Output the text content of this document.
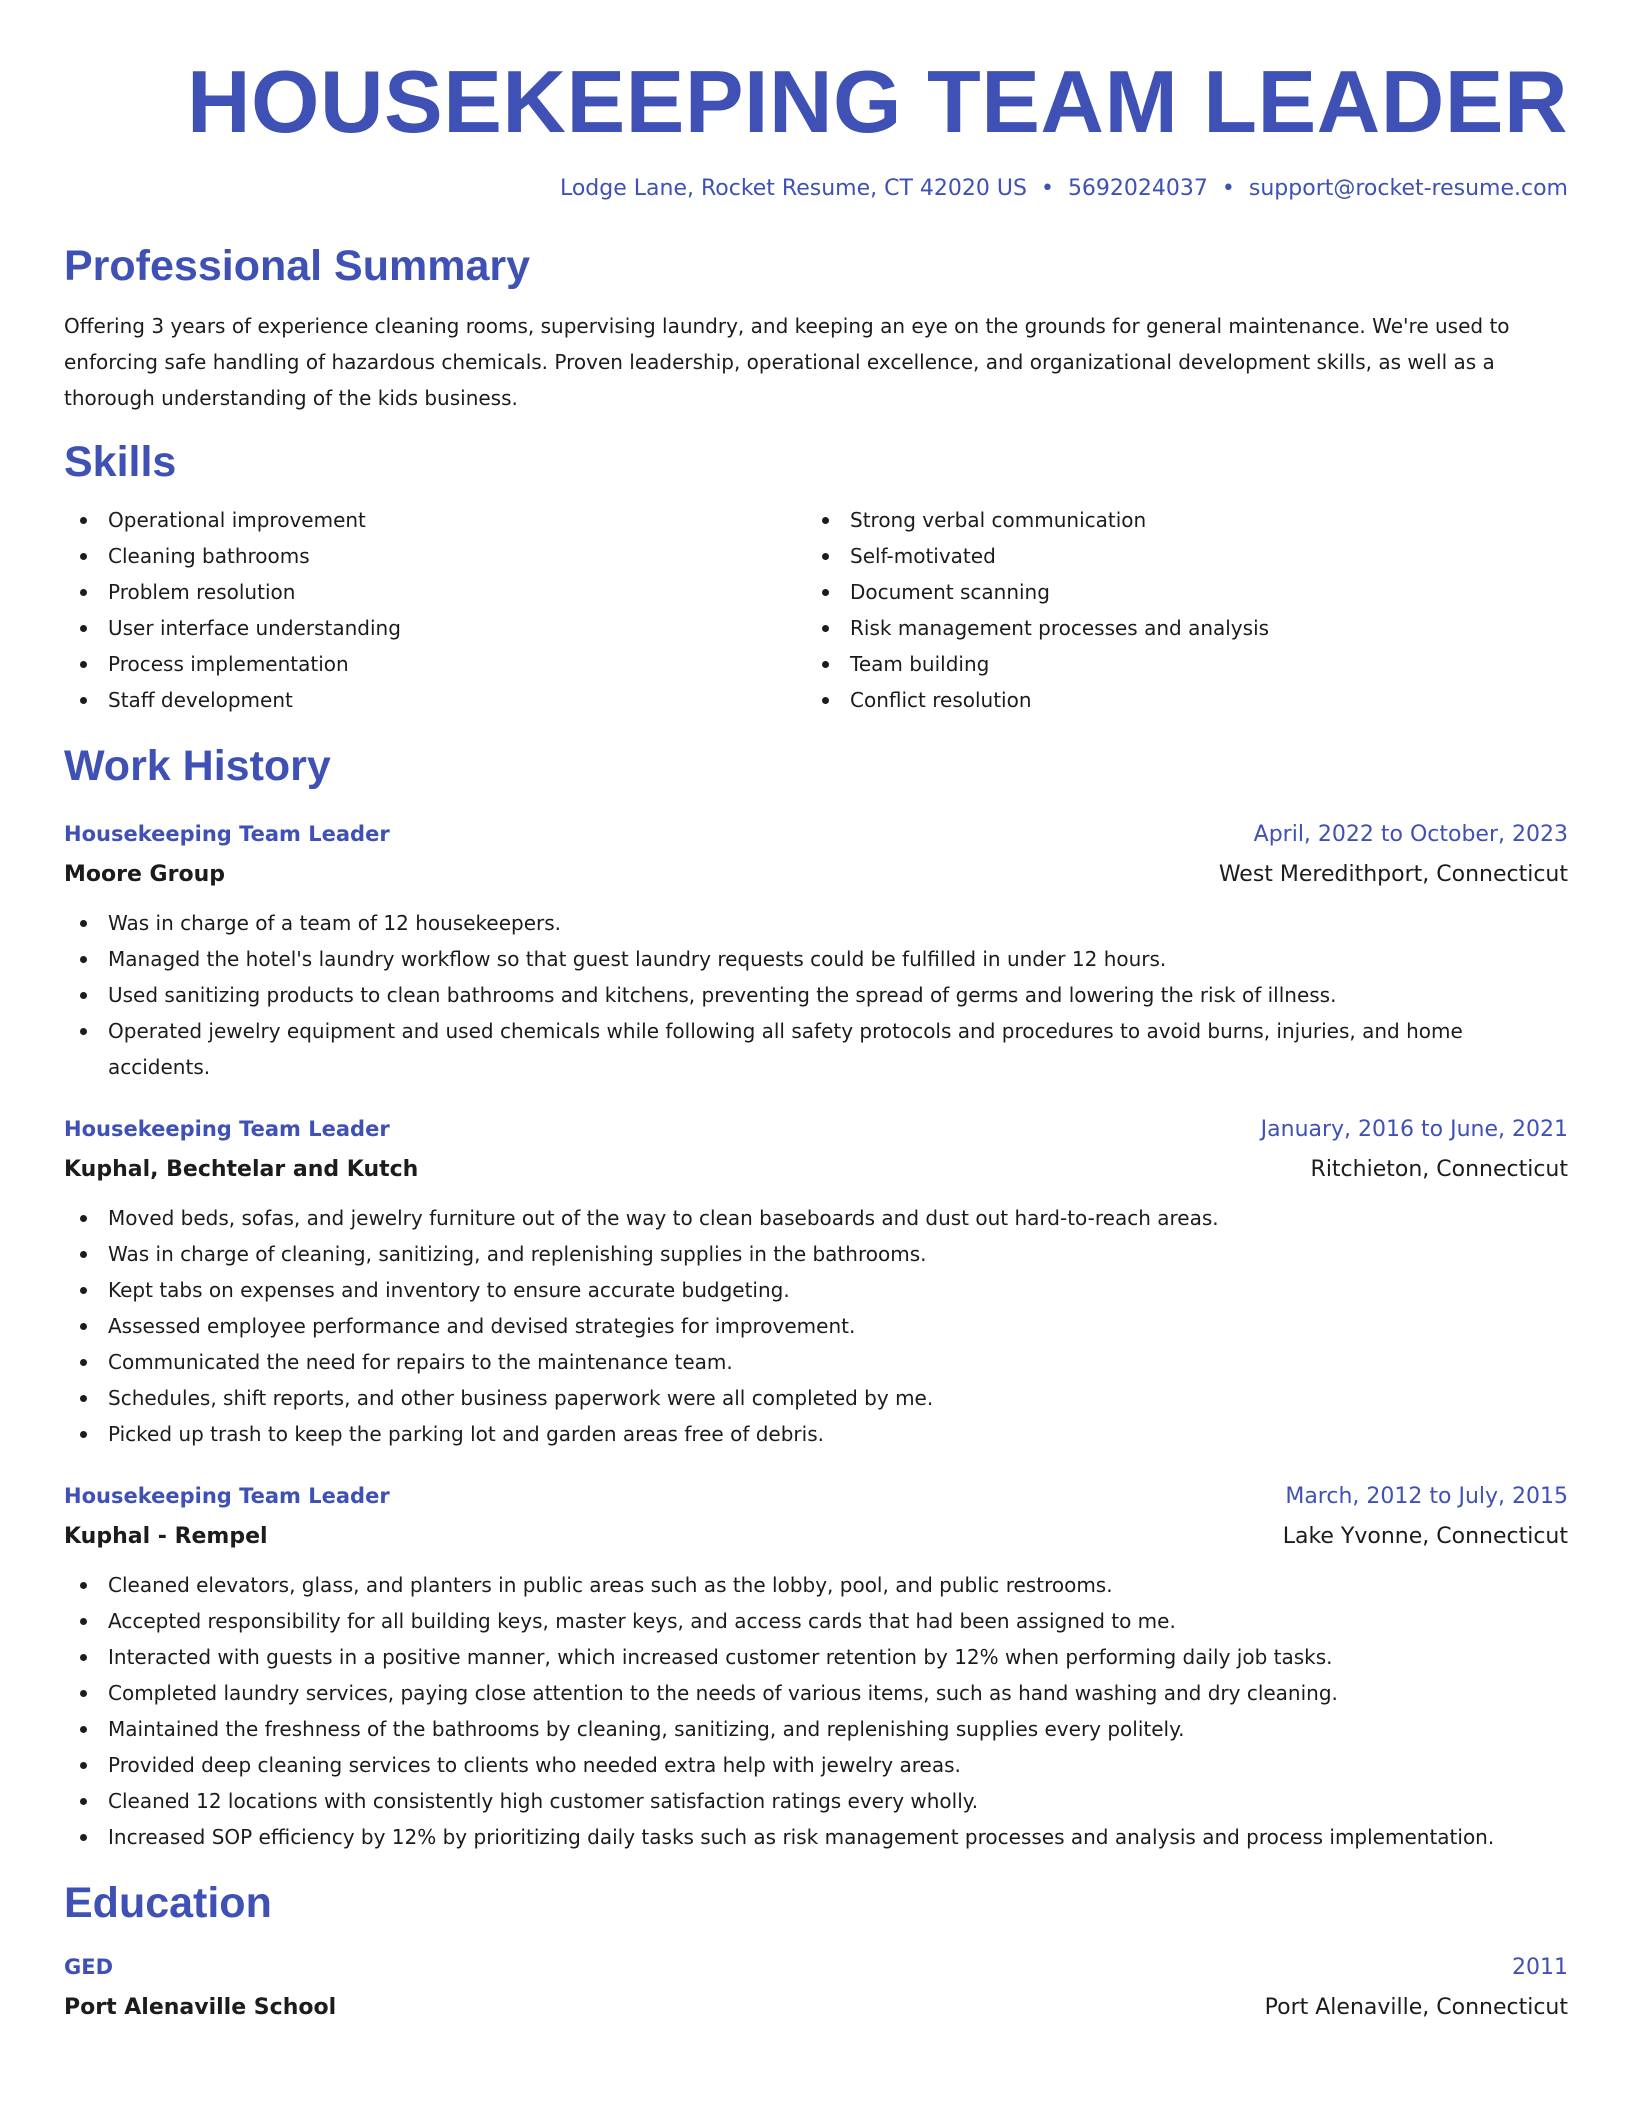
HOUSEKEEPING TEAM LEADER
Lodge Lane, Rocket Resume, CT 42020 US • 5692024037 • support@rocket-resume.com
Professional Summary

Offering 3 years of experience cleaning rooms, supervising laundry, and keeping an eye on the grounds for general maintenance. We're used to enforcing safe handling of hazardous chemicals. Proven leadership, operational excellence, and organizational development skills, as well as a thorough understanding of the kids business.

Skills
Operational improvement
Cleaning bathrooms
Problem resolution
User interface understanding
Process implementation
Staff development
Strong verbal communication
Self-motivated
Document scanning
Risk management processes and analysis
Team building
Conflict resolution
Work History
Housekeeping Team Leader	April, 2022 to October, 2023
Moore Group	West Meredithport, Connecticut
Was in charge of a team of 12 housekeepers.
Managed the hotel's laundry workflow so that guest laundry requests could be fulfilled in under 12 hours.
Used sanitizing products to clean bathrooms and kitchens, preventing the spread of germs and lowering the risk of illness.
Operated jewelry equipment and used chemicals while following all safety protocols and procedures to avoid burns, injuries, and home accidents.
Housekeeping Team Leader	January, 2016 to June, 2021
Kuphal, Bechtelar and Kutch	Ritchieton, Connecticut
Moved beds, sofas, and jewelry furniture out of the way to clean baseboards and dust out hard-to-reach areas.
Was in charge of cleaning, sanitizing, and replenishing supplies in the bathrooms.
Kept tabs on expenses and inventory to ensure accurate budgeting.
Assessed employee performance and devised strategies for improvement.
Communicated the need for repairs to the maintenance team.
Schedules, shift reports, and other business paperwork were all completed by me.
Picked up trash to keep the parking lot and garden areas free of debris.
Housekeeping Team Leader	March, 2012 to July, 2015
Kuphal - Rempel	Lake Yvonne, Connecticut
Cleaned elevators, glass, and planters in public areas such as the lobby, pool, and public restrooms.
Accepted responsibility for all building keys, master keys, and access cards that had been assigned to me.
Interacted with guests in a positive manner, which increased customer retention by 12% when performing daily job tasks.
Completed laundry services, paying close attention to the needs of various items, such as hand washing and dry cleaning.
Maintained the freshness of the bathrooms by cleaning, sanitizing, and replenishing supplies every politely.
Provided deep cleaning services to clients who needed extra help with jewelry areas.
Cleaned 12 locations with consistently high customer satisfaction ratings every wholly.
Increased SOP efficiency by 12% by prioritizing daily tasks such as risk management processes and analysis and process implementation.
Education
GED	2011
Port Alenaville School	Port Alenaville, Connecticut
